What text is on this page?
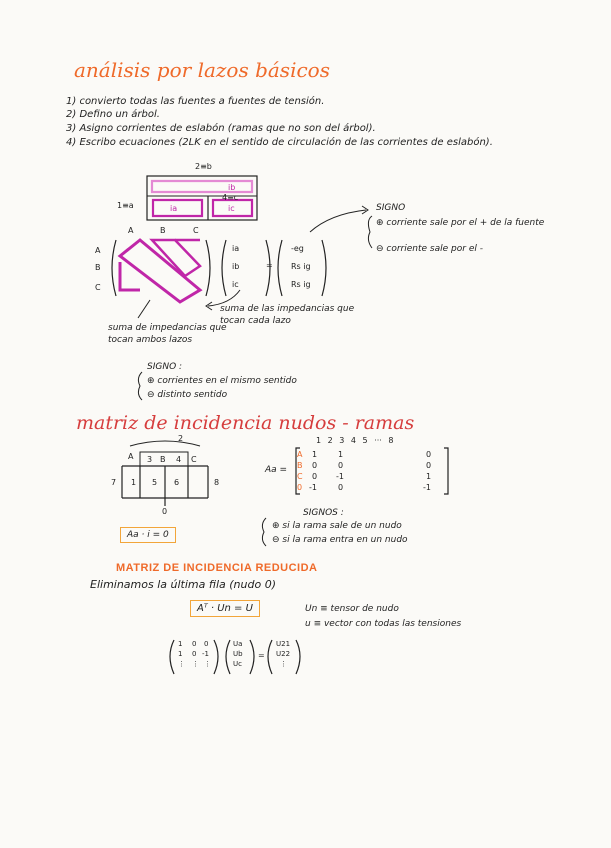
análisis por lazos básicos
1) convierto todas las fuentes a fuentes de tensión.
2) Defino un árbol.
3) Asigno corrientes de eslabón (ramas que no son del árbol).
4) Escribo ecuaciones (2LK en el sentido de circulación de las corrientes de eslabón).
2≡b
1≡a
4≡c
ib
ia	ic
A	B	C
A
B
C
ia
ib
ic
=
-eg
Rs ig
Rs ig
SIGNO
⊕ corriente sale por el + de la fuente
⊖ corriente sale por el -
suma de las impedancias que tocan cada lazo
suma de impedancias que tocan ambos lazos
SIGNO :
⊕ corrientes en el mismo sentido
⊖ distinto sentido
matriz de incidencia nudos - ramas
2
A 3 B 4 C
7 1 5 6	8
0
Aa =
1 2 3 4 5 ··· 8
A
B
C
0
1	1	0
0	0	0
0 -1	1
-1	0	-1
Aa · i = 0
SIGNOS :
⊕ si la rama sale de un nudo
⊖ si la rama entra en un nudo
MATRIZ DE INCIDENCIA REDUCIDA
Eliminamos la última fila (nudo 0)
Aᵀ · Un = U	Un ≡ tensor de nudo
u ≡ vector con todas las tensiones
1 0 0
1 0 -1
⋮ ⋮ ⋮
Ua
Ub
Uc
=
U21
U22
⋮
